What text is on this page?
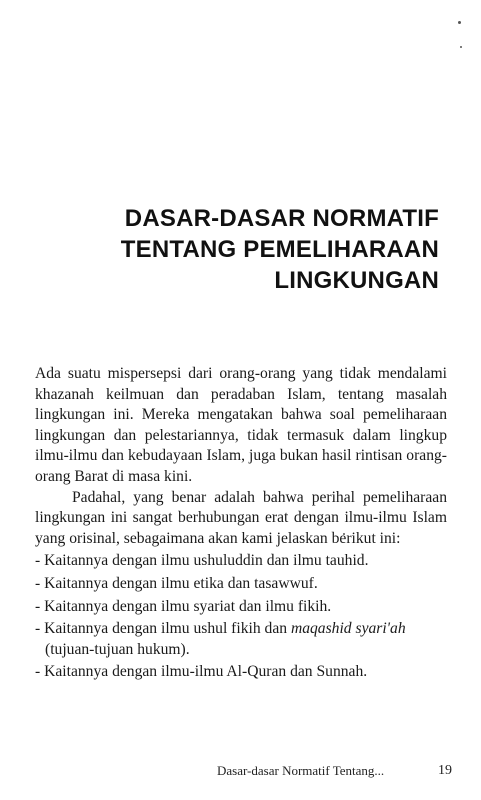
DASAR-DASAR NORMATIF
TENTANG PEMELIHARAAN
LINGKUNGAN

Ada suatu mispersepsi dari orang-orang yang tidak mendalami khazanah keilmuan dan peradaban Islam, tentang masalah lingkungan ini. Mereka mengatakan bahwa soal pemeliharaan lingkungan dan pelestariannya, tidak termasuk dalam lingkup ilmu-ilmu dan kebudayaan Islam, juga bukan hasil rintisan orang-orang Barat di masa kini.

Padahal, yang benar adalah bahwa perihal pemeliharaan lingkungan ini sangat berhubungan erat dengan ilmu-ilmu Islam yang orisinal, sebagaimana akan kami jelaskan berikut ini:

- Kaitannya dengan ilmu ushuluddin dan ilmu tauhid.
- Kaitannya dengan ilmu etika dan tasawwuf.
- Kaitannya dengan ilmu syariat dan ilmu fikih.
- Kaitannya dengan ilmu ushul fikih dan maqashid syari'ah
(tujuan-tujuan hukum).
- Kaitannya dengan ilmu-ilmu Al-Quran dan Sunnah.
Dasar-dasar Normatif Tentang...	19
